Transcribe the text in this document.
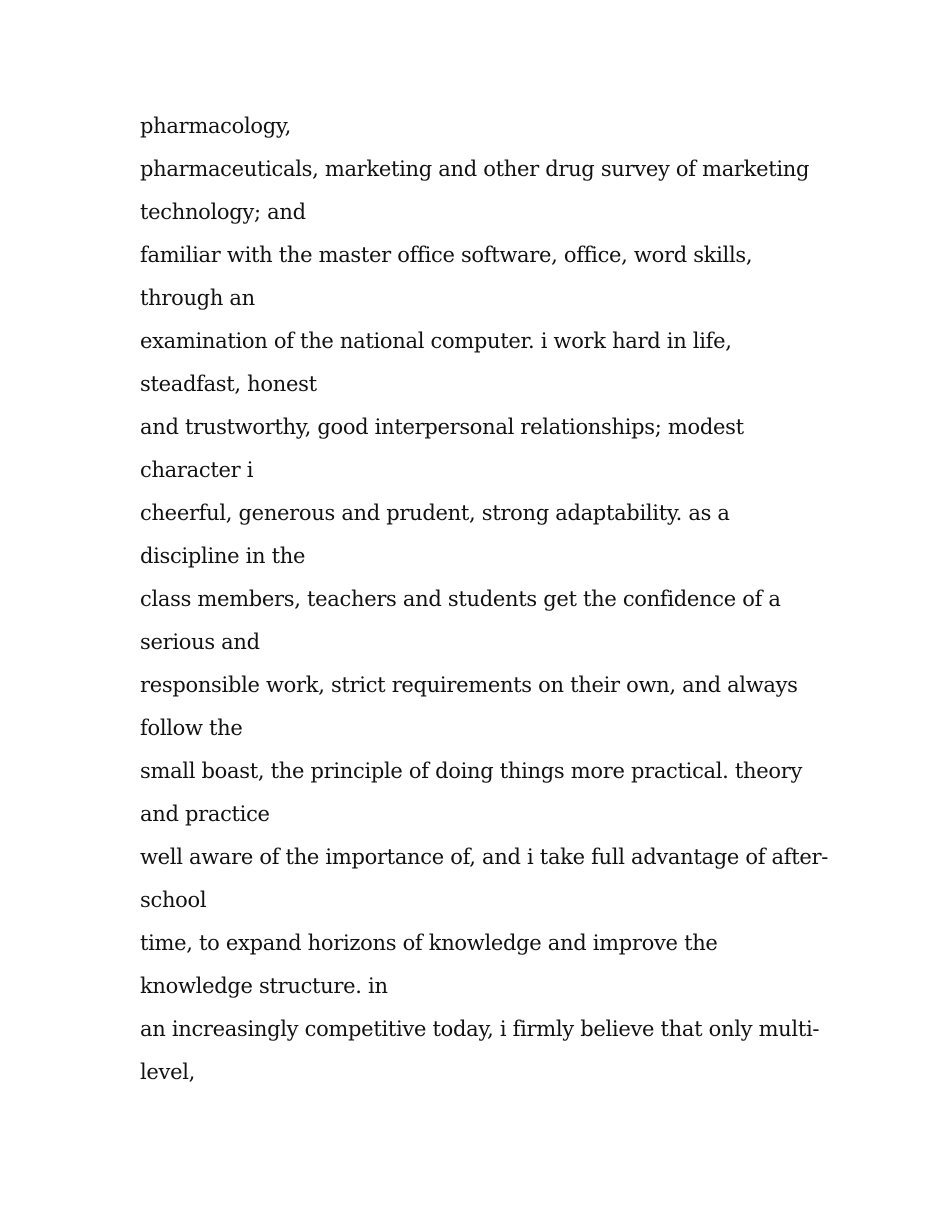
pharmacology,
pharmaceuticals, marketing and other drug survey of marketing
technology; and
familiar with the master office software, office, word skills,
through an
examination of the national computer. i work hard in life,
steadfast, honest
and trustworthy, good interpersonal relationships; modest
character i
cheerful, generous and prudent, strong adaptability. as a
discipline in the
class members, teachers and students get the confidence of a
serious and
responsible work, strict requirements on their own, and always
follow the
small boast, the principle of doing things more practical. theory
and practice
well aware of the importance of, and i take full advantage of after-
school
time, to expand horizons of knowledge and improve the
knowledge structure. in
an increasingly competitive today, i firmly believe that only multi-
level,
